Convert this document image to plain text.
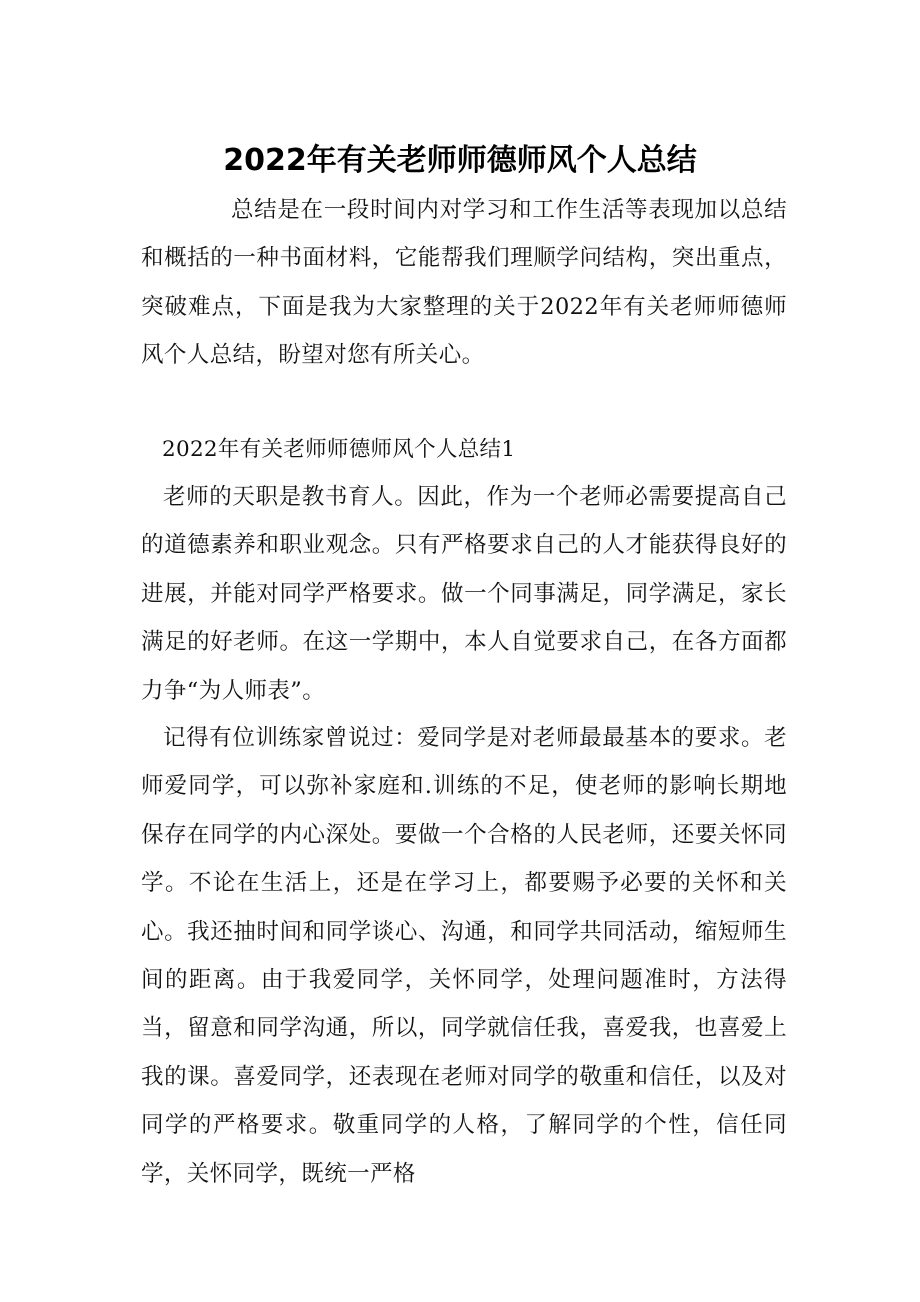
2022年有关老师师德师风个人总结

总结是在一段时间内对学习和工作生活等表现加以总结和概括的一种书面材料，它能帮我们理顺学问结构，突出重点，突破难点，下面是我为大家整理的关于2022年有关老师师德师风个人总结，盼望对您有所关心。

2022年有关老师师德师风个人总结1

老师的天职是教书育人。因此，作为一个老师必需要提高自己的道德素养和职业观念。只有严格要求自己的人才能获得良好的进展，并能对同学严格要求。做一个同事满足，同学满足，家长满足的好老师。在这一学期中，本人自觉要求自己，在各方面都力争“为人师表”。

记得有位训练家曾说过：爱同学是对老师最最基本的要求。老师爱同学，可以弥补家庭和.训练的不足，使老师的影响长期地保存在同学的内心深处。要做一个合格的人民老师，还要关怀同学。不论在生活上，还是在学习上，都要赐予必要的关怀和关心。我还抽时间和同学谈心、沟通，和同学共同活动，缩短师生间的距离。由于我爱同学，关怀同学，处理问题准时，方法得当，留意和同学沟通，所以，同学就信任我，喜爱我，也喜爱上我的课。喜爱同学，还表现在老师对同学的敬重和信任，以及对同学的严格要求。敬重同学的人格，了解同学的个性，信任同学，关怀同学，既统一严格
